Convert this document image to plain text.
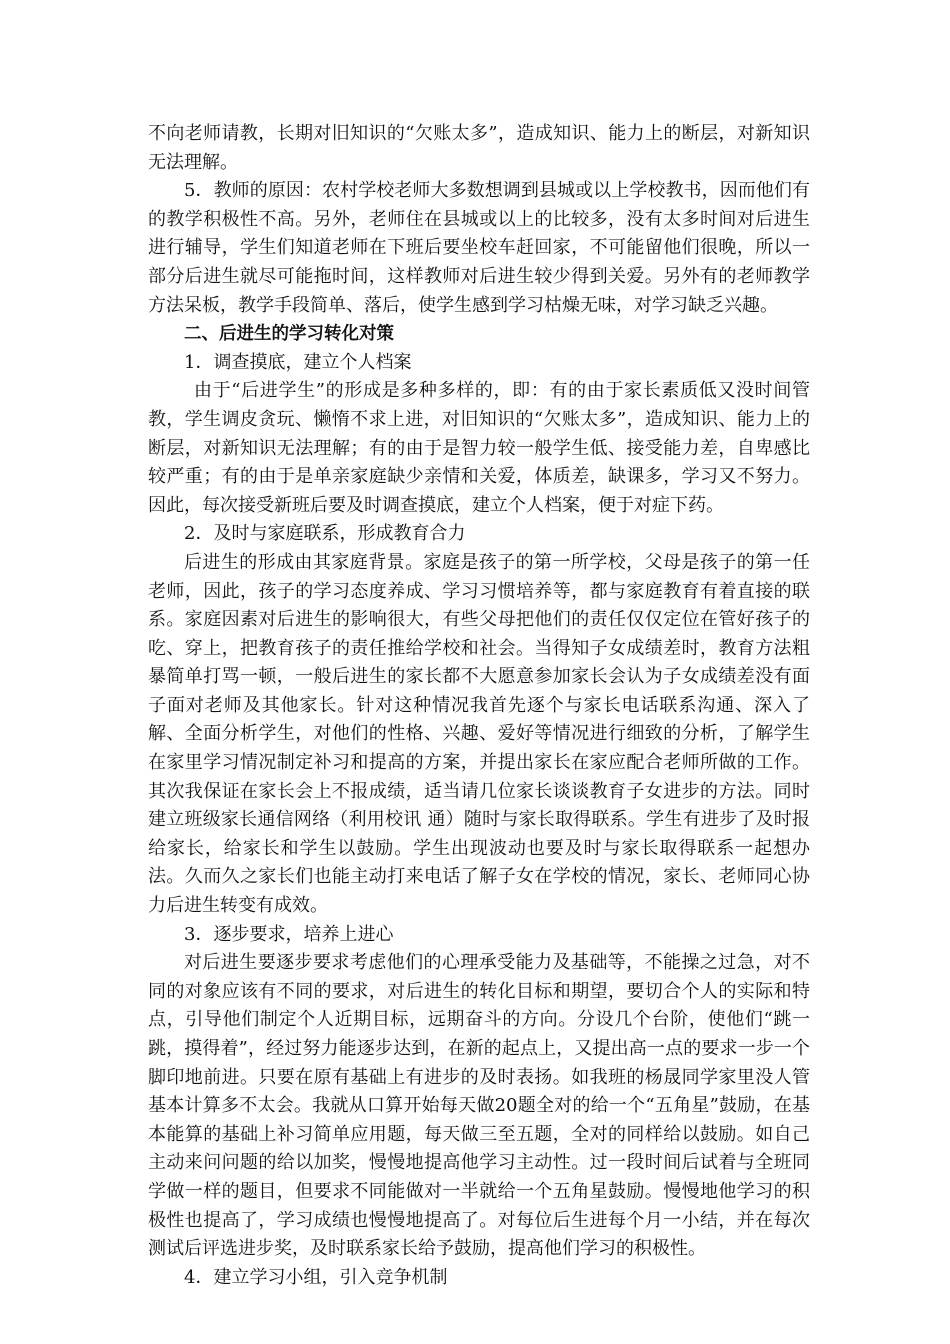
不向老师请教，长期对旧知识的“欠账太多”，造成知识、能力上的断层，对新知识无法理解。

5．教师的原因：农村学校老师大多数想调到县城或以上学校教书，因而他们有的教学积极性不高。另外，老师住在县城或以上的比较多，没有太多时间对后进生进行辅导，学生们知道老师在下班后要坐校车赶回家，不可能留他们很晚，所以一部分后进生就尽可能拖时间，这样教师对后进生较少得到关爱。另外有的老师教学方法呆板，教学手段简单、落后，使学生感到学习枯燥无味，对学习缺乏兴趣。

二、后进生的学习转化对策

1．调查摸底，建立个人档案

由于“后进学生”的形成是多种多样的，即：有的由于家长素质低又没时间管教，学生调皮贪玩、懒惰不求上进，对旧知识的“欠账太多”，造成知识、能力上的断层，对新知识无法理解；有的由于是智力较一般学生低、接受能力差，自卑感比较严重；有的由于是单亲家庭缺少亲情和关爱，体质差，缺课多，学习又不努力。因此，每次接受新班后要及时调查摸底，建立个人档案，便于对症下药。

2．及时与家庭联系，形成教育合力

后进生的形成由其家庭背景。家庭是孩子的第一所学校，父母是孩子的第一任老师，因此，孩子的学习态度养成、学习习惯培养等，都与家庭教育有着直接的联系。家庭因素对后进生的影响很大，有些父母把他们的责任仅仅定位在管好孩子的吃、穿上，把教育孩子的责任推给学校和社会。当得知子女成绩差时，教育方法粗暴简单打骂一顿，一般后进生的家长都不大愿意参加家长会认为子女成绩差没有面子面对老师及其他家长。针对这种情况我首先逐个与家长电话联系沟通、深入了解、全面分析学生，对他们的性格、兴趣、爱好等情况进行细致的分析，了解学生在家里学习情况制定补习和提高的方案，并提出家长在家应配合老师所做的工作。其次我保证在家长会上不报成绩，适当请几位家长谈谈教育子女进步的方法。同时建立班级家长通信网络（利用校讯 通）随时与家长取得联系。学生有进步了及时报给家长，给家长和学生以鼓励。学生出现波动也要及时与家长取得联系一起想办法。久而久之家长们也能主动打来电话了解子女在学校的情况，家长、老师同心协力后进生转变有成效。

3．逐步要求，培养上进心

对后进生要逐步要求考虑他们的心理承受能力及基础等，不能操之过急，对不同的对象应该有不同的要求，对后进生的转化目标和期望，要切合个人的实际和特点，引导他们制定个人近期目标，远期奋斗的方向。分设几个台阶，使他们“跳一跳，摸得着”，经过努力能逐步达到，在新的起点上，又提出高一点的要求一步一个脚印地前进。只要在原有基础上有进步的及时表扬。如我班的杨晟同学家里没人管基本计算多不太会。我就从口算开始每天做20题全对的给一个“五角星”鼓励，在基本能算的基础上补习简单应用题，每天做三至五题，全对的同样给以鼓励。如自己主动来问问题的给以加奖，慢慢地提高他学习主动性。过一段时间后试着与全班同学做一样的题目，但要求不同能做对一半就给一个五角星鼓励。慢慢地他学习的积极性也提高了，学习成绩也慢慢地提高了。对每位后生进每个月一小结，并在每次测试后评选进步奖，及时联系家长给予鼓励，提高他们学习的积极性。

4．建立学习小组，引入竞争机制
